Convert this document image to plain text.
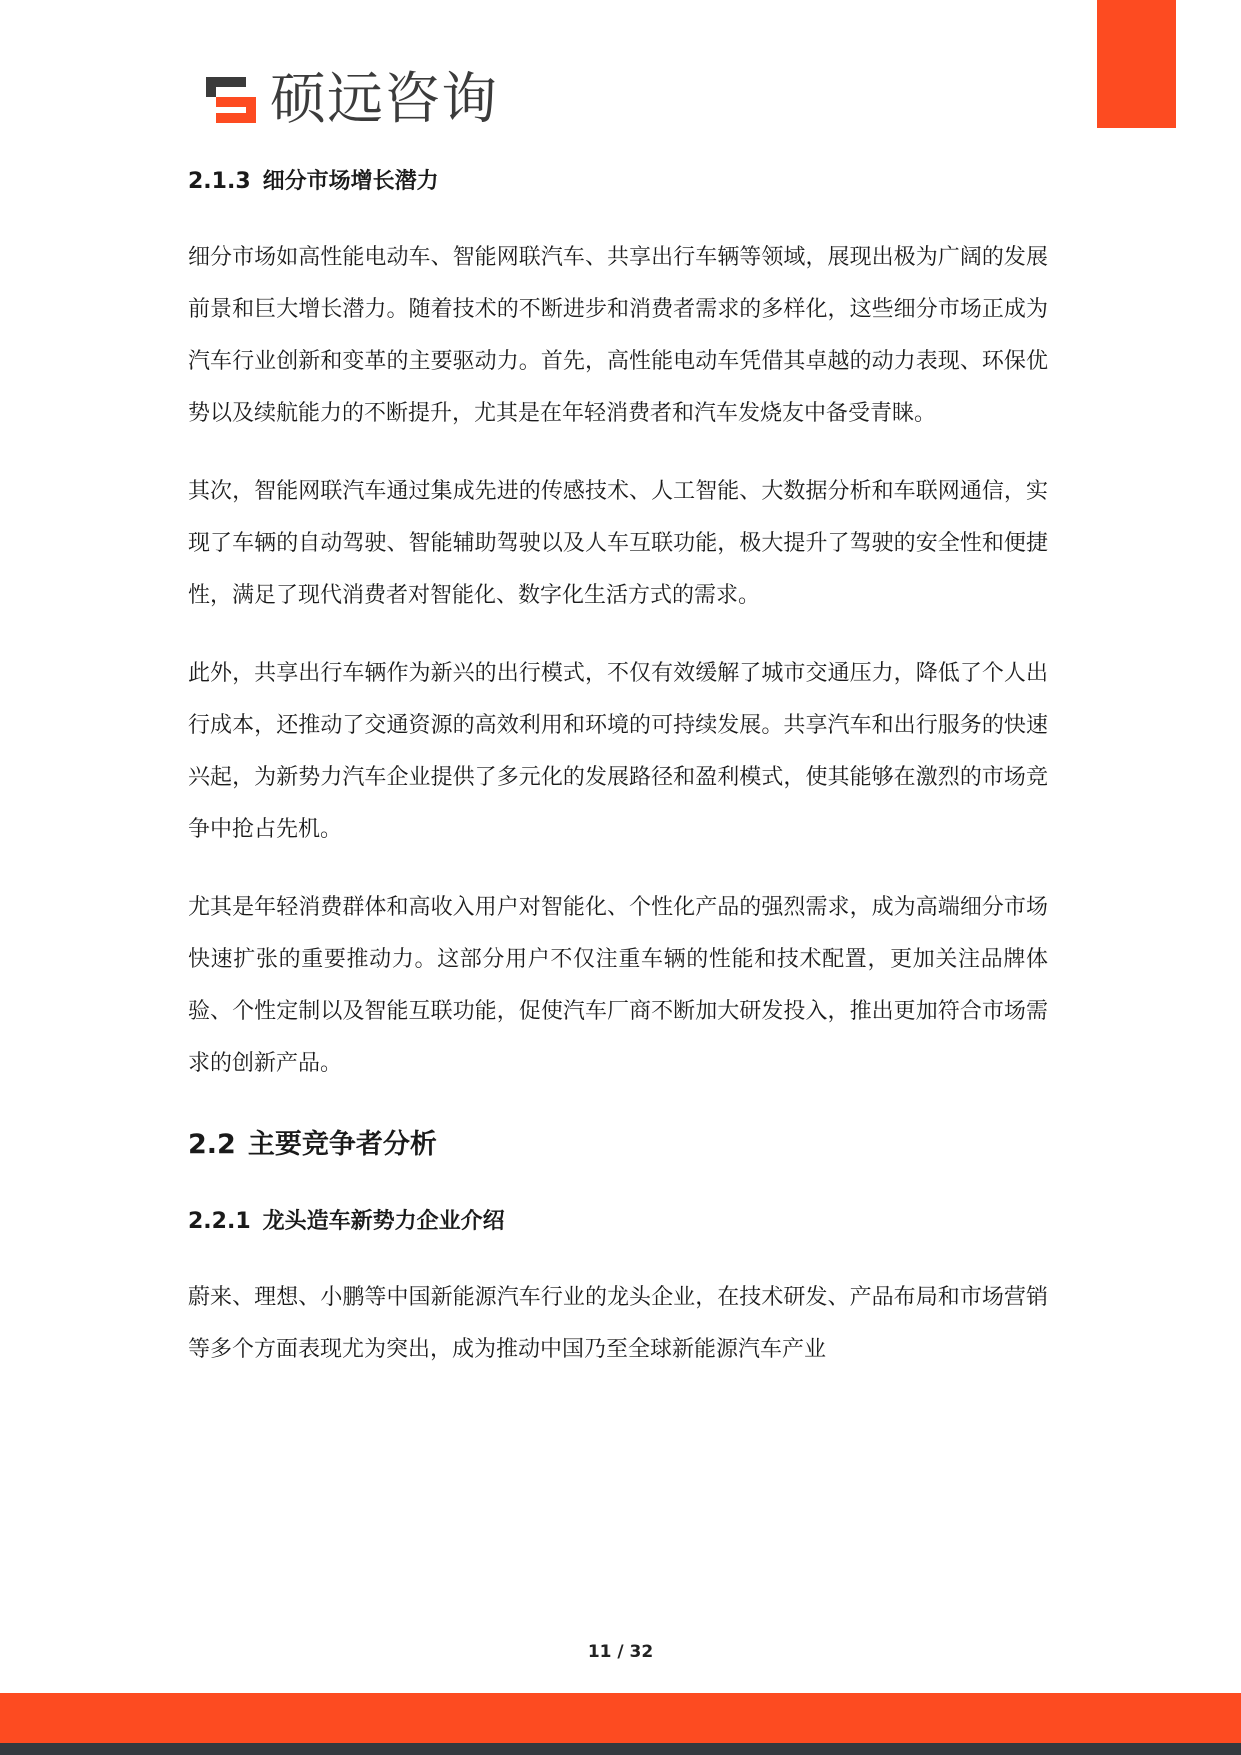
硕远咨询
2.1.3 细分市场增长潜力

细分市场如高性能电动车、智能网联汽车、共享出行车辆等领域，展现出极为广阔的发展前景和巨大增长潜力。随着技术的不断进步和消费者需求的多样化，这些细分市场正成为汽车行业创新和变革的主要驱动力。首先，高性能电动车凭借其卓越的动力表现、环保优势以及续航能力的不断提升，尤其是在年轻消费者和汽车发烧友中备受青睐。

其次，智能网联汽车通过集成先进的传感技术、人工智能、大数据分析和车联网通信，实现了车辆的自动驾驶、智能辅助驾驶以及人车互联功能，极大提升了驾驶的安全性和便捷性，满足了现代消费者对智能化、数字化生活方式的需求。

此外，共享出行车辆作为新兴的出行模式，不仅有效缓解了城市交通压力，降低了个人出行成本，还推动了交通资源的高效利用和环境的可持续发展。共享汽车和出行服务的快速兴起，为新势力汽车企业提供了多元化的发展路径和盈利模式，使其能够在激烈的市场竞争中抢占先机。

尤其是年轻消费群体和高收入用户对智能化、个性化产品的强烈需求，成为高端细分市场快速扩张的重要推动力。这部分用户不仅注重车辆的性能和技术配置，更加关注品牌体验、个性定制以及智能互联功能，促使汽车厂商不断加大研发投入，推出更加符合市场需求的创新产品。

2.2 主要竞争者分析
2.2.1 龙头造车新势力企业介绍

蔚来、理想、小鹏等中国新能源汽车行业的龙头企业，在技术研发、产品布局和市场营销等多个方面表现尤为突出，成为推动中国乃至全球新能源汽车产业

11 / 32
